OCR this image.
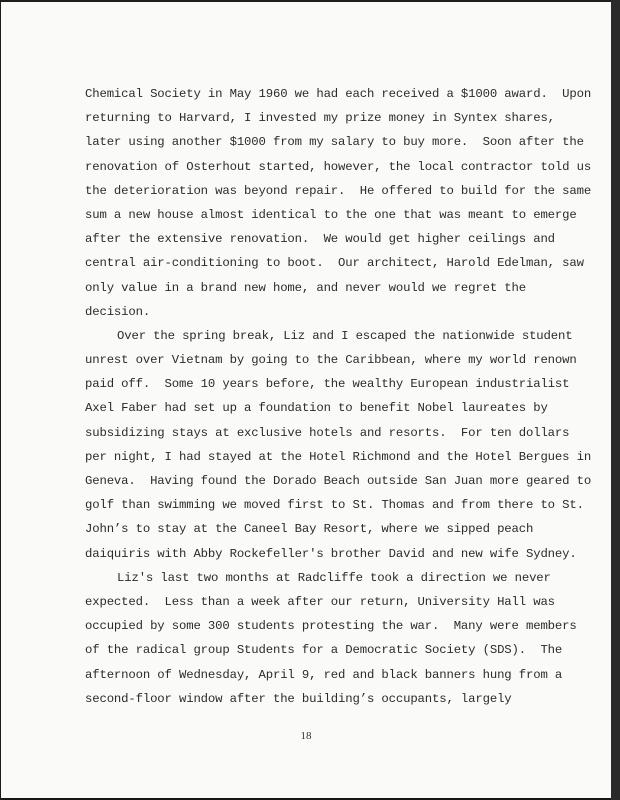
Chemical Society in May 1960 we had each received a $1000 award.  Upon
returning to Harvard, I invested my prize money in Syntex shares,
later using another $1000 from my salary to buy more.  Soon after the
renovation of Osterhout started, however, the local contractor told us
the deterioration was beyond repair.  He offered to build for the same
sum a new house almost identical to the one that was meant to emerge
after the extensive renovation.  We would get higher ceilings and
central air-conditioning to boot.  Our architect, Harold Edelman, saw
only value in a brand new home, and never would we regret the
decision.
Over the spring break, Liz and I escaped the nationwide student
unrest over Vietnam by going to the Caribbean, where my world renown
paid off.  Some 10 years before, the wealthy European industrialist
Axel Faber had set up a foundation to benefit Nobel laureates by
subsidizing stays at exclusive hotels and resorts.  For ten dollars
per night, I had stayed at the Hotel Richmond and the Hotel Bergues in
Geneva.  Having found the Dorado Beach outside San Juan more geared to
golf than swimming we moved first to St. Thomas and from there to St.
John’s to stay at the Caneel Bay Resort, where we sipped peach
daiquiris with Abby Rockefeller's brother David and new wife Sydney.
Liz's last two months at Radcliffe took a direction we never
expected.  Less than a week after our return, University Hall was
occupied by some 300 students protesting the war.  Many were members
of the radical group Students for a Democratic Society (SDS).  The
afternoon of Wednesday, April 9, red and black banners hung from a
second-floor window after the building’s occupants, largely
18
